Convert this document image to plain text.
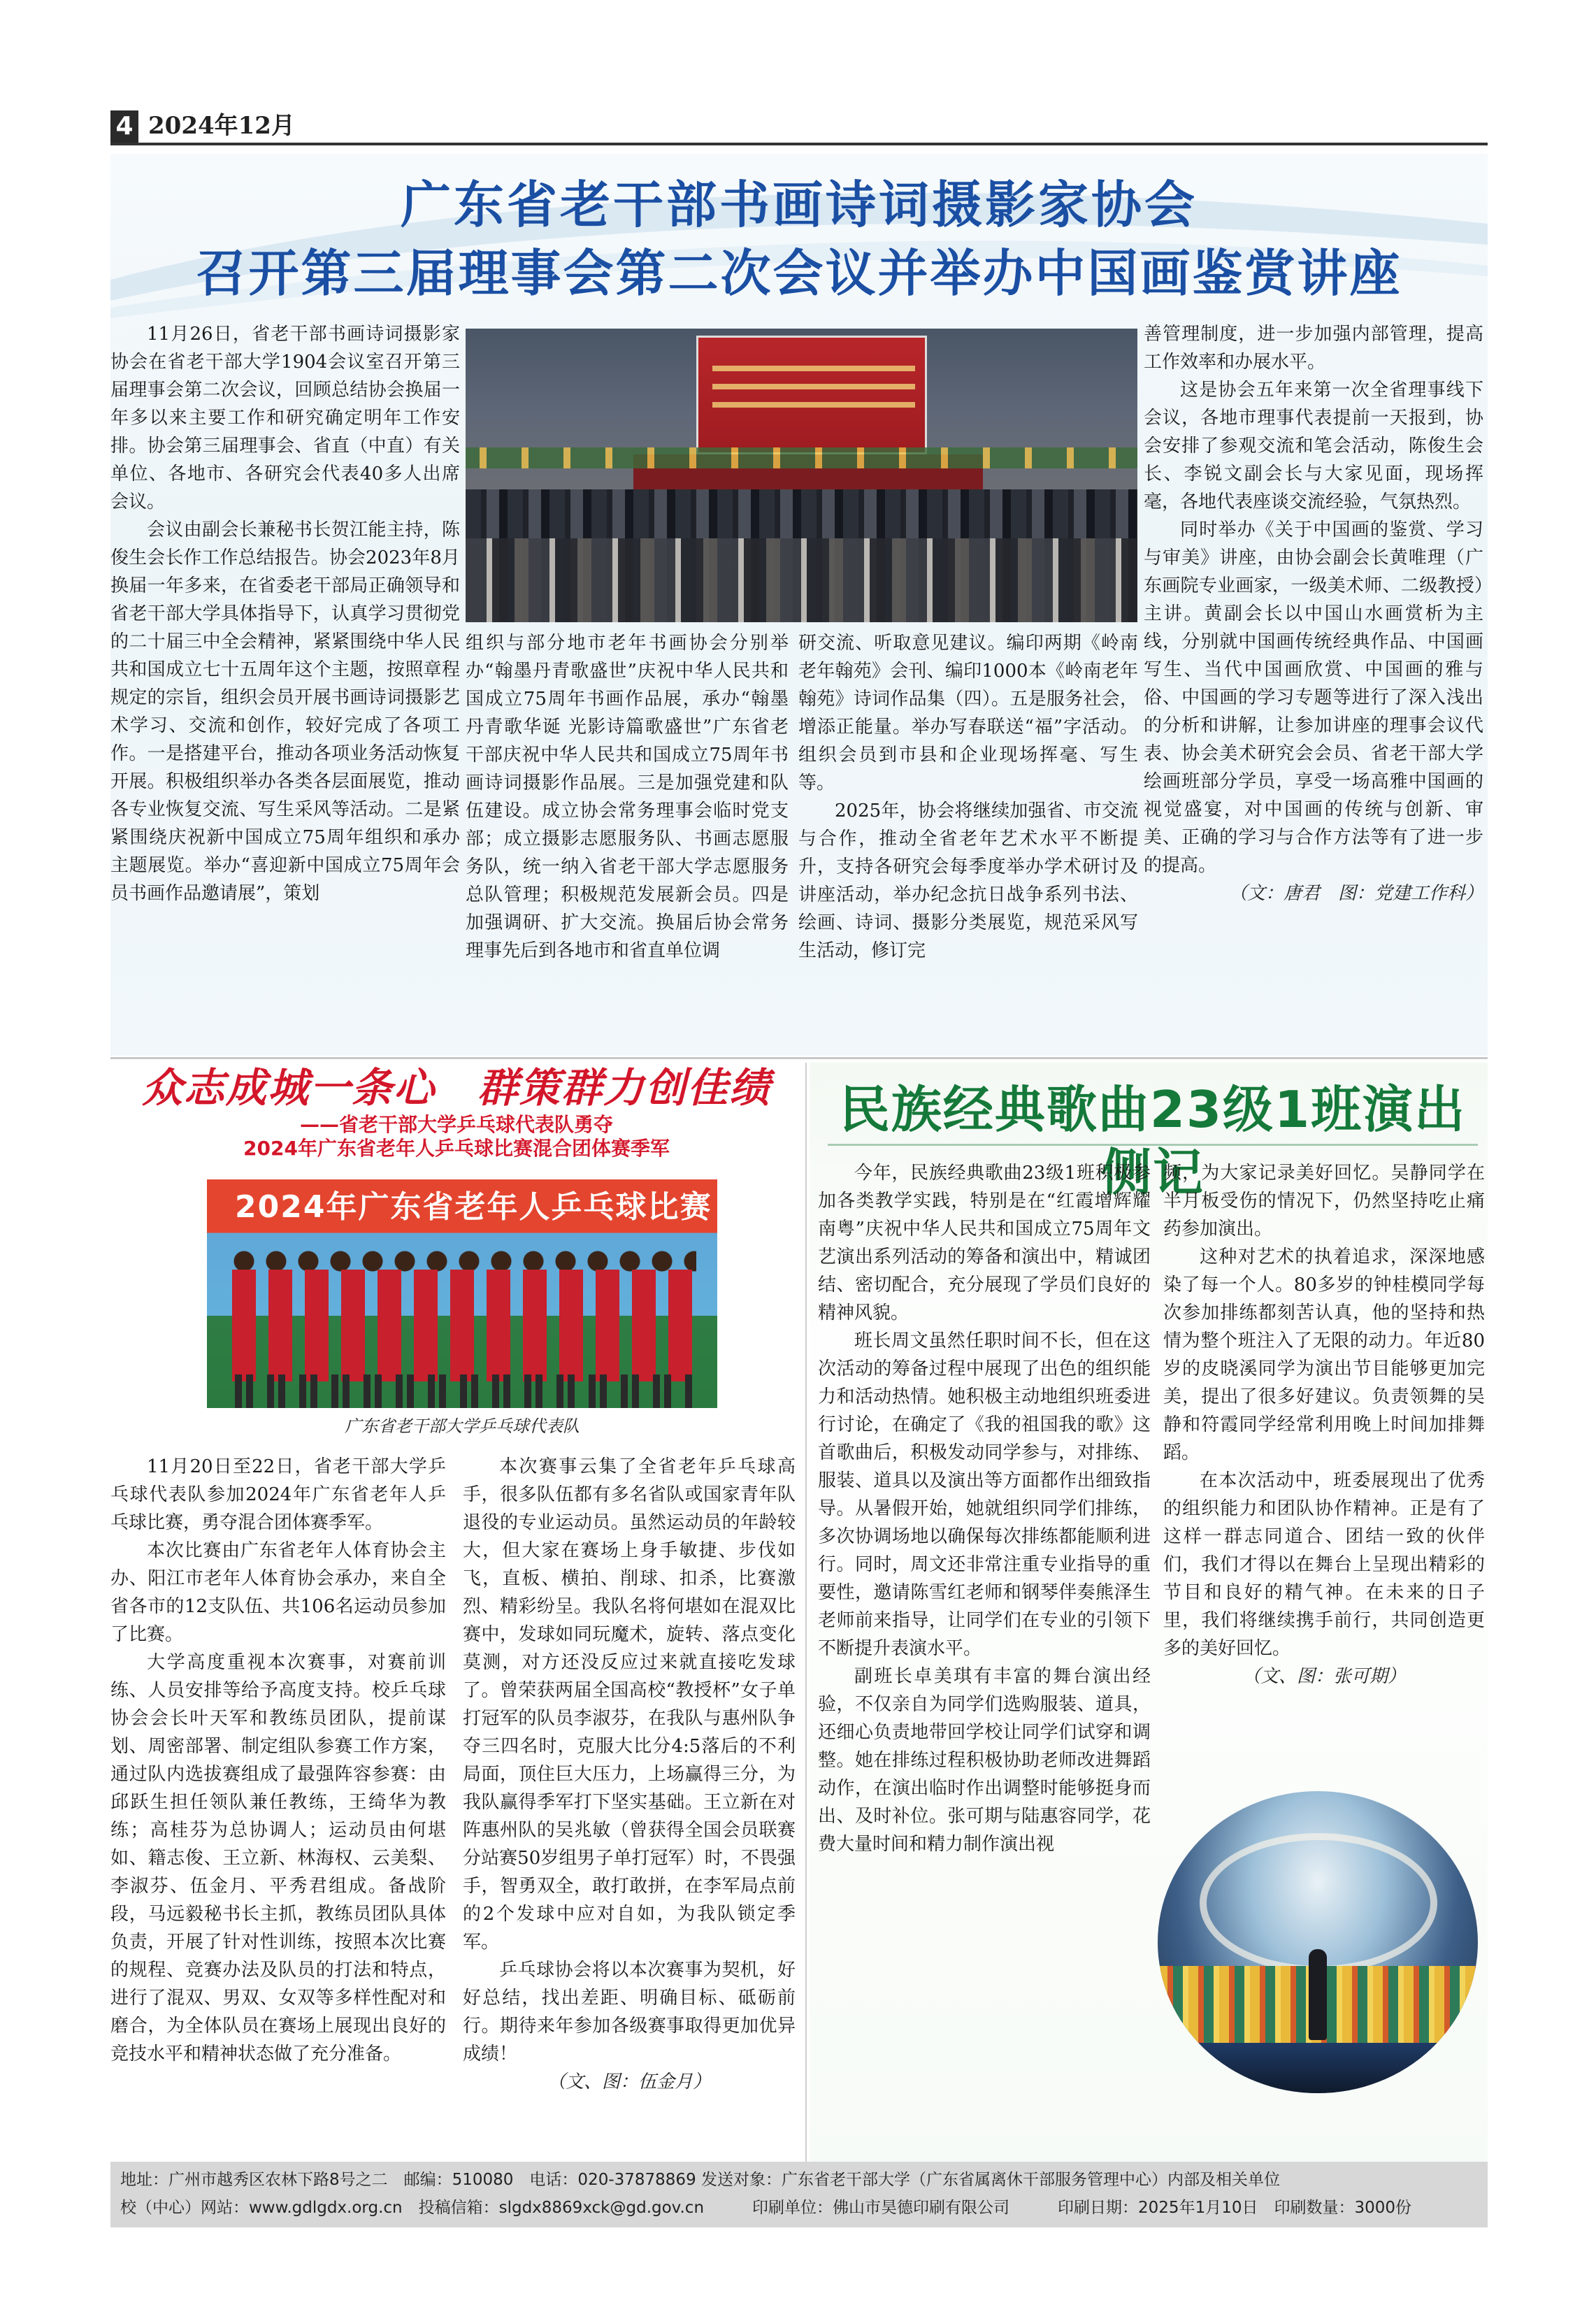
4 2024年12月
广东省老干部书画诗词摄影家协会
召开第三届理事会第二次会议并举办中国画鉴赏讲座

11月26日，省老干部书画诗词摄影家协会在省老干部大学1904会议室召开第三届理事会第二次会议，回顾总结协会换届一年多以来主要工作和研究确定明年工作安排。协会第三届理事会、省直（中直）有关单位、各地市、各研究会代表40多人出席会议。

会议由副会长兼秘书长贺江能主持，陈俊生会长作工作总结报告。协会2023年8月换届一年多来，在省委老干部局正确领导和省老干部大学具体指导下，认真学习贯彻党的二十届三中全会精神，紧紧围绕中华人民共和国成立七十五周年这个主题，按照章程规定的宗旨，组织会员开展书画诗词摄影艺术学习、交流和创作，较好完成了各项工作。一是搭建平台，推动各项业务活动恢复开展。积极组织举办各类各层面展览，推动各专业恢复交流、写生采风等活动。二是紧紧围绕庆祝新中国成立75周年组织和承办主题展览。举办“喜迎新中国成立75周年会员书画作品邀请展”，策划

组织与部分地市老年书画协会分别举办“翰墨丹青歌盛世”庆祝中华人民共和国成立75周年书画作品展，承办“翰墨丹青歌华诞 光影诗篇歌盛世”广东省老干部庆祝中华人民共和国成立75周年书画诗词摄影作品展。三是加强党建和队伍建设。成立协会常务理事会临时党支部；成立摄影志愿服务队、书画志愿服务队，统一纳入省老干部大学志愿服务总队管理；积极规范发展新会员。四是加强调研、扩大交流。换届后协会常务理事先后到各地市和省直单位调

研交流、听取意见建议。编印两期《岭南老年翰苑》会刊、编印1000本《岭南老年翰苑》诗词作品集（四）。五是服务社会，增添正能量。举办写春联送“福”字活动。组织会员到市县和企业现场挥毫、写生等。

2025年，协会将继续加强省、市交流与合作，推动全省老年艺术水平不断提升，支持各研究会每季度举办学术研讨及讲座活动，举办纪念抗日战争系列书法、绘画、诗词、摄影分类展览，规范采风写生活动，修订完

善管理制度，进一步加强内部管理，提高工作效率和办展水平。

这是协会五年来第一次全省理事线下会议，各地市理事代表提前一天报到，协会安排了参观交流和笔会活动，陈俊生会长、李锐文副会长与大家见面，现场挥毫，各地代表座谈交流经验，气氛热烈。

同时举办《关于中国画的鉴赏、学习与审美》讲座，由协会副会长黄唯理（广东画院专业画家，一级美术师、二级教授）主讲。黄副会长以中国山水画赏析为主线，分别就中国画传统经典作品、中国画写生、当代中国画欣赏、中国画的雅与俗、中国画的学习专题等进行了深入浅出的分析和讲解，让参加讲座的理事会议代表、协会美术研究会会员、省老干部大学绘画班部分学员，享受一场高雅中国画的视觉盛宴，对中国画的传统与创新、审美、正确的学习与合作方法等有了进一步的提高。

（文：唐君　图：党建工作科）
众志成城一条心　群策群力创佳绩
——省老干部大学乒乓球代表队勇夺
2024年广东省老年人乒乓球比赛混合团体赛季军
2024年广东省老年人乒乓球比赛
广东省老干部大学乒乓球代表队

11月20日至22日，省老干部大学乒乓球代表队参加2024年广东省老年人乒乓球比赛，勇夺混合团体赛季军。

本次比赛由广东省老年人体育协会主办、阳江市老年人体育协会承办，来自全省各市的12支队伍、共106名运动员参加了比赛。

大学高度重视本次赛事，对赛前训练、人员安排等给予高度支持。校乒乓球协会会长叶天军和教练员团队，提前谋划、周密部署、制定组队参赛工作方案，通过队内选拔赛组成了最强阵容参赛：由邱跃生担任领队兼任教练，王绮华为教练；高桂芬为总协调人；运动员由何堪如、籍志俊、王立新、林海权、云美梨、李淑芬、伍金月、平秀君组成。备战阶段，马远毅秘书长主抓，教练员团队具体负责，开展了针对性训练，按照本次比赛的规程、竞赛办法及队员的打法和特点，进行了混双、男双、女双等多样性配对和磨合，为全体队员在赛场上展现出良好的竞技水平和精神状态做了充分准备。

本次赛事云集了全省老年乒乓球高手，很多队伍都有多名省队或国家青年队退役的专业运动员。虽然运动员的年龄较大，但大家在赛场上身手敏捷、步伐如飞，直板、横拍、削球、扣杀，比赛激烈、精彩纷呈。我队名将何堪如在混双比赛中，发球如同玩魔术，旋转、落点变化莫测，对方还没反应过来就直接吃发球了。曾荣获两届全国高校“教授杯”女子单打冠军的队员李淑芬，在我队与惠州队争夺三四名时，克服大比分4:5落后的不利局面，顶住巨大压力，上场赢得三分，为我队赢得季军打下坚实基础。王立新在对阵惠州队的吴兆敏（曾获得全国会员联赛分站赛50岁组男子单打冠军）时，不畏强手，智勇双全，敢打敢拼，在李军局点前的2个发球中应对自如，为我队锁定季军。

乒乓球协会将以本次赛事为契机，好好总结，找出差距、明确目标、砥砺前行。期待来年参加各级赛事取得更加优异成绩！

（文、图：伍金月）
民族经典歌曲23级1班演出侧记

今年，民族经典歌曲23级1班积极参加各类教学实践，特别是在“红霞增辉耀南粤”庆祝中华人民共和国成立75周年文艺演出系列活动的筹备和演出中，精诚团结、密切配合，充分展现了学员们良好的精神风貌。

班长周文虽然任职时间不长，但在这次活动的筹备过程中展现了出色的组织能力和活动热情。她积极主动地组织班委进行讨论，在确定了《我的祖国我的歌》这首歌曲后，积极发动同学参与，对排练、服装、道具以及演出等方面都作出细致指导。从暑假开始，她就组织同学们排练，多次协调场地以确保每次排练都能顺利进行。同时，周文还非常注重专业指导的重要性，邀请陈雪红老师和钢琴伴奏熊泽生老师前来指导，让同学们在专业的引领下不断提升表演水平。

副班长卓美琪有丰富的舞台演出经验，不仅亲自为同学们选购服装、道具，还细心负责地带回学校让同学们试穿和调整。她在排练过程积极协助老师改进舞蹈动作，在演出临时作出调整时能够挺身而出、及时补位。张可期与陆惠容同学，花费大量时间和精力制作演出视

频，为大家记录美好回忆。吴静同学在半月板受伤的情况下，仍然坚持吃止痛药参加演出。

这种对艺术的执着追求，深深地感染了每一个人。80多岁的钟桂模同学每次参加排练都刻苦认真，他的坚持和热情为整个班注入了无限的动力。年近80岁的皮晓溪同学为演出节目能够更加完美，提出了很多好建议。负责领舞的吴静和符霞同学经常利用晚上时间加排舞蹈。

在本次活动中，班委展现出了优秀的组织能力和团队协作精神。正是有了这样一群志同道合、团结一致的伙伴们，我们才得以在舞台上呈现出精彩的节目和良好的精气神。在未来的日子里，我们将继续携手前行，共同创造更多的美好回忆。

（文、图：张可期）
地址：广州市越秀区农林下路8号之二　邮编：510080　电话：020-37878869 发送对象：广东省老干部大学（广东省属离休干部服务管理中心）内部及相关单位
校（中心）网站：www.gdlgdx.org.cn　投稿信箱：slgdx8869xck@gd.gov.cn　　　印刷单位：佛山市昊德印刷有限公司　　　印刷日期：2025年1月10日　印刷数量：3000份
